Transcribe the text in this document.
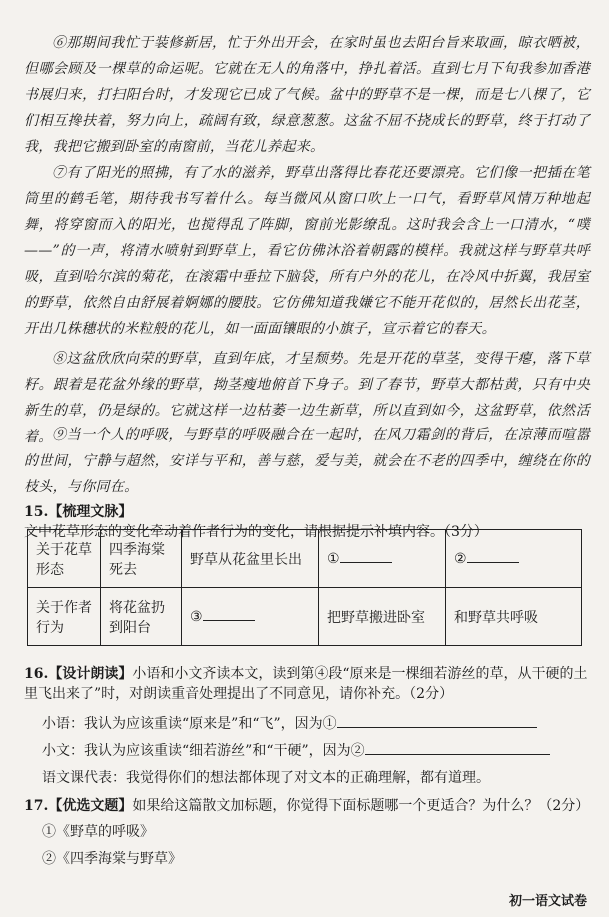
⑥那期间我忙于装修新居，忙于外出开会，在家时虽也去阳台旨来取画，晾衣晒被，但哪会顾及一棵草的命运呢。它就在无人的角落中，挣扎着活。直到七月下旬我参加香港书展归来，打扫阳台时，才发现它已成了气候。盆中的野草不是一棵，而是七八棵了，它们相互搀扶着，努力向上，疏阔有致，绿意葱葱。这盆不屈不挠成长的野草，终于打动了我，我把它搬到卧室的南窗前，当花儿养起来。

⑦有了阳光的照拂，有了水的滋养，野草出落得比春花还要漂亮。它们像一把插在笔筒里的鹤毛笔，期待我书写着什么。每当微风从窗口吹上一口气，看野草风情万种地起舞，将穿窗而入的阳光，也搅得乱了阵脚，窗前光影缭乱。这时我会含上一口清水，“噗——”的一声，将清水喷射到野草上，看它仿佛沐浴着朝露的模样。我就这样与野草共呼吸，直到哈尔滨的菊花，在滚霜中垂拉下脑袋，所有户外的花儿，在冷风中折翼，我居室的野草，依然自由舒展着婀娜的腰肢。它仿佛知道我嫌它不能开花似的，居然长出花茎，开出几株穗状的米粒般的花儿，如一面面镶眼的小旗子，宣示着它的春天。

⑧这盆欣欣向荣的野草，直到年底，才呈颓势。先是开花的草茎，变得干瘪，落下草籽。跟着是花盆外缘的野草，拗茎瘦地俯首下身子。到了春节，野草大都枯黄，只有中央新生的草，仍是绿的。它就这样一边枯萎一边生新草，所以直到如今，这盆野草，依然活着。 ⑨当一个人的呼吸，与野草的呼吸融合在一起时，在风刀霜剑的背后，在凉薄而喧嚣的世间，宁静与超然，安详与平和，善与慈，爱与美，就会在不老的四季中，缠绕在你的枝头，与你同在。

15.【梳理文脉】文中花草形态的变化牵动着作者行为的变化，请根据提示补填内容。（3分）

关于花草形态	四季海棠死去	野草从花盆里长出	①	②
关于作者行为	将花盆扔到阳台	③	把野草搬进卧室	和野草共呼吸

16.【设计朗读】小语和小文齐读本文，读到第④段“原来是一棵细若游丝的草，从干硬的土里飞出来了”时，对朗读重音处理提出了不同意见，请你补充。（2分）

小语：我认为应该重读“原来是”和“飞”，因为①

小文：我认为应该重读“细若游丝”和“干硬”，因为②

语文课代表：我觉得你们的想法都体现了对文本的正确理解，都有道理。

17.【优选文题】如果给这篇散文加标题，你觉得下面标题哪一个更适合？为什么？（2分）

①《野草的呼吸》

②《四季海棠与野草》

初一语文试卷
